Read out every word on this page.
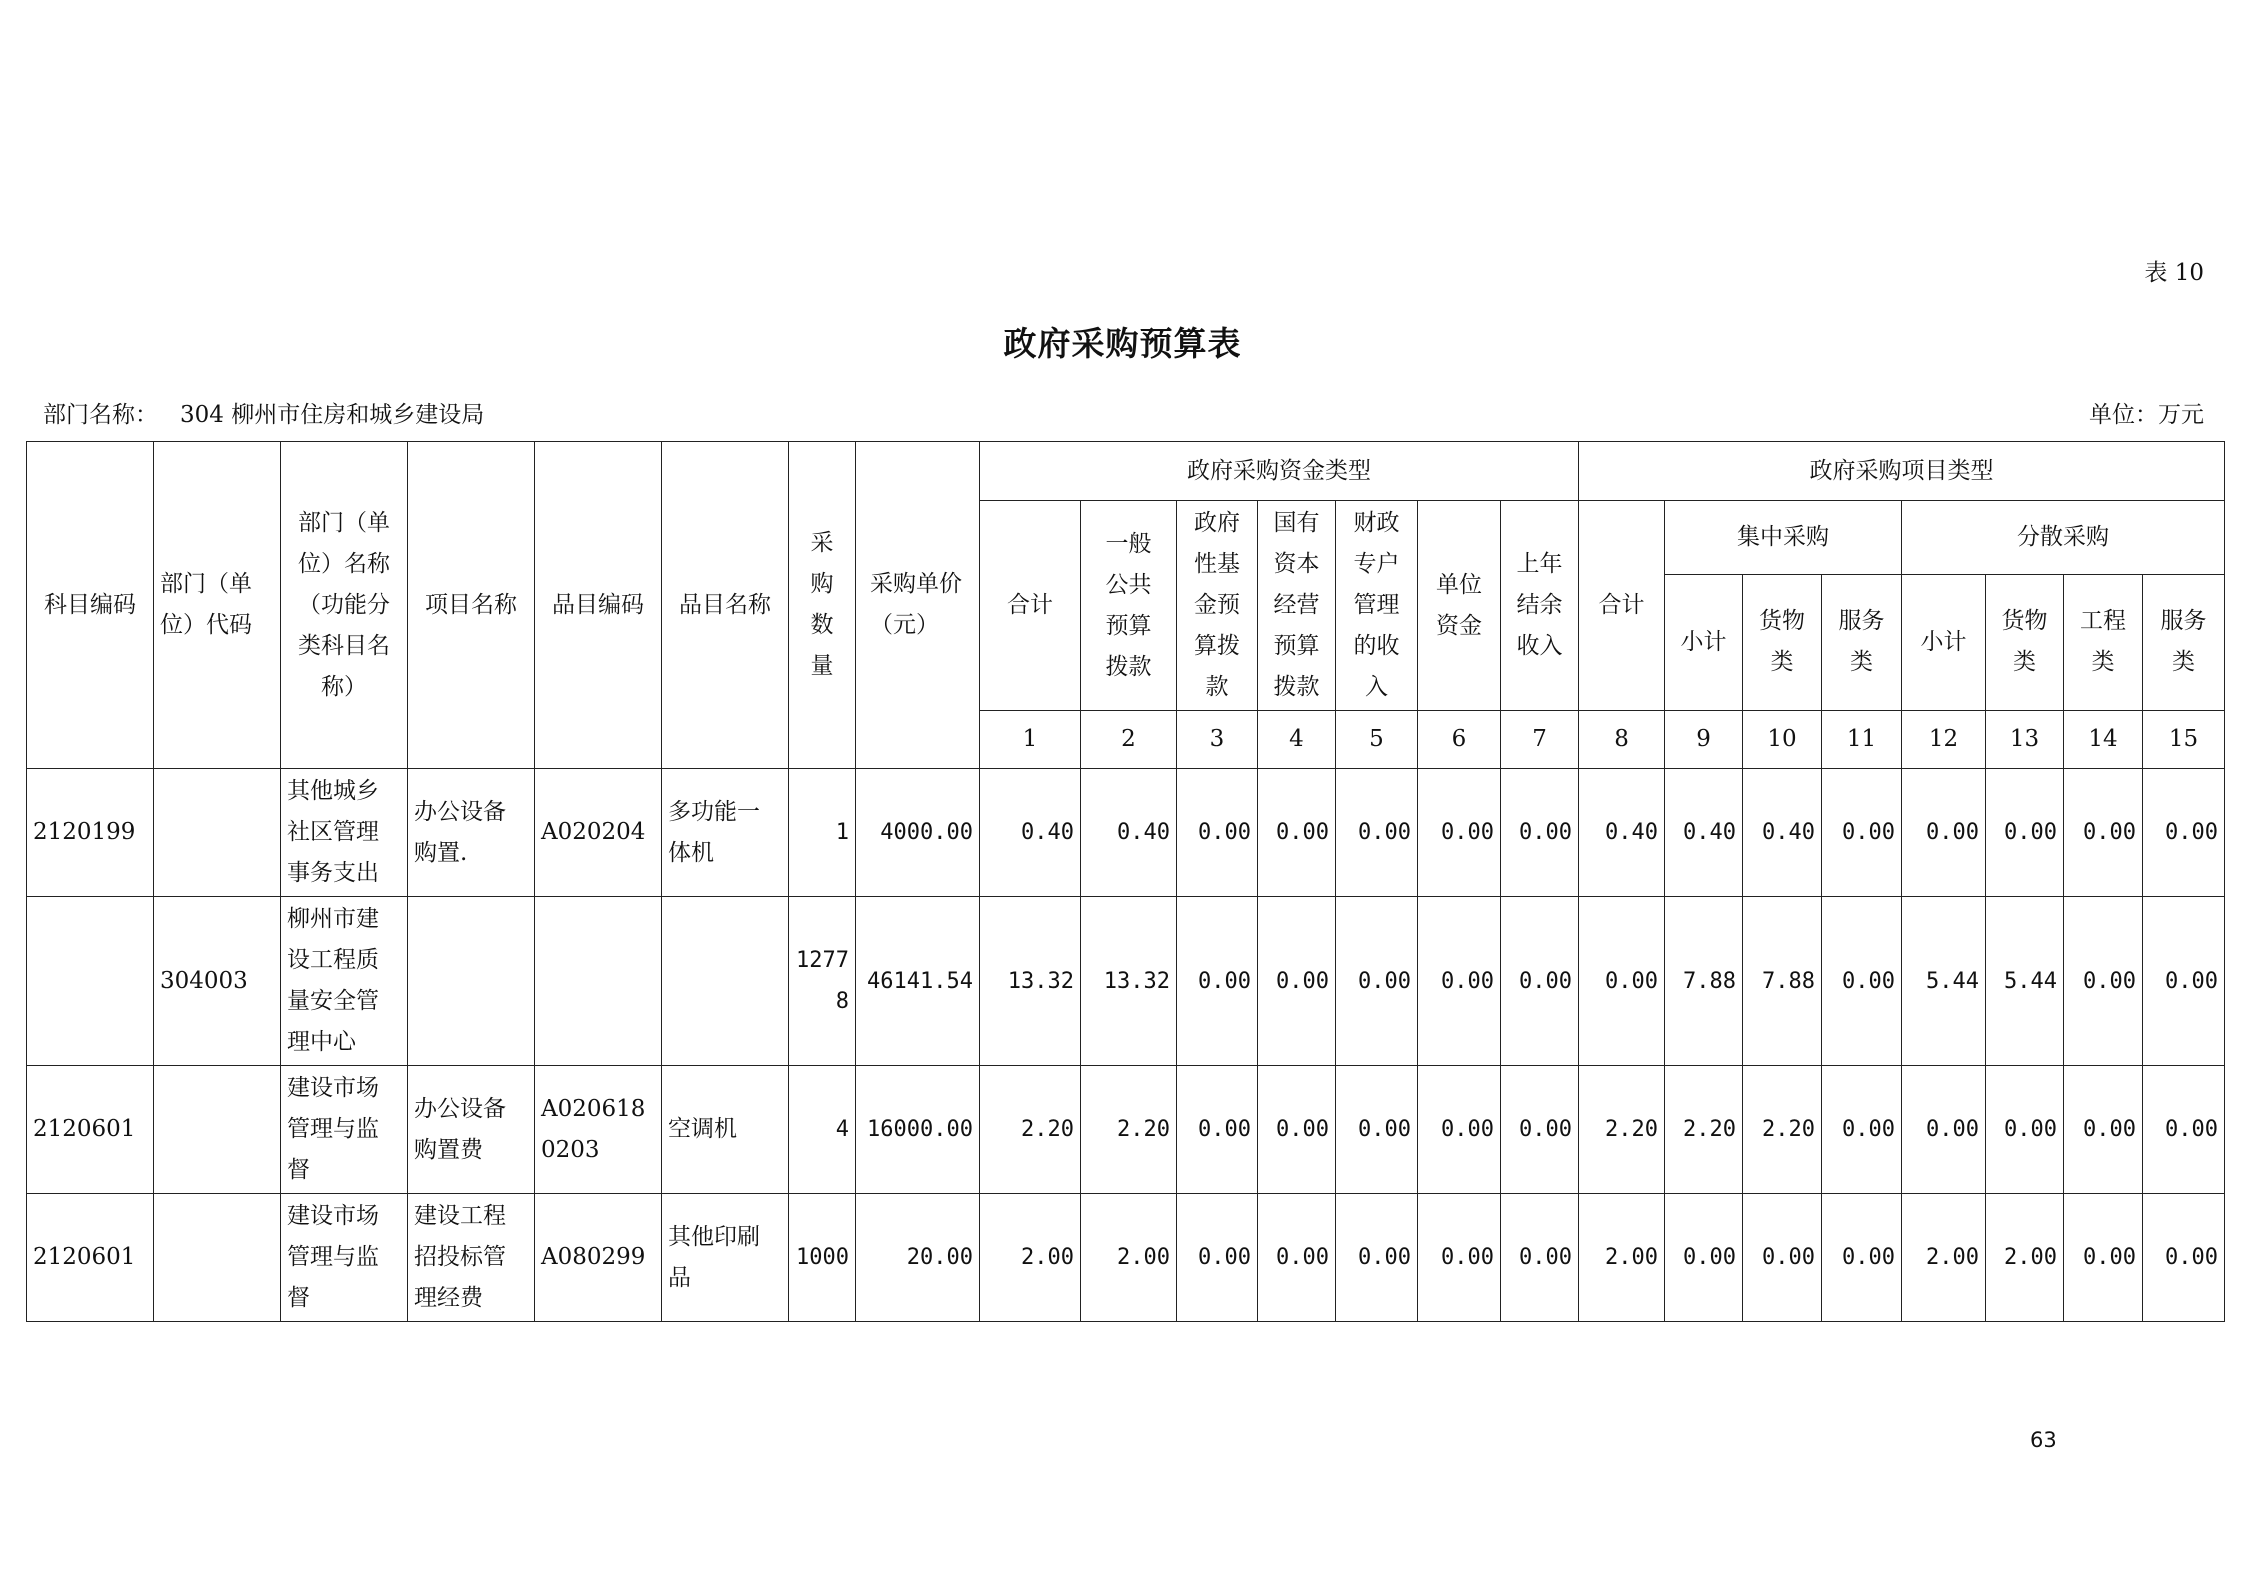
表 10
政府采购预算表
部门名称： 304 柳州市住房和城乡建设局	单位：万元
科目编码	部门（单位）代码	部门（单位）名称（功能分类科目名称）	项目名称	品目编码	品目名称	采购数量	采购单价（元）	政府采购资金类型							政府采购项目类型							
								合计	一般公共预算拨款	政府性基金预算拨款	国有资本经营预算拨款	财政专户管理的收入	单位资金	上年结余收入	合计	集中采购			分散采购			
																小计	货物类	服务类	小计	货物类	工程类	服务类
								1	2	3	4	5	6	7	8	9	10	11	12	13	14	15
2120199		其他城乡社区管理事务支出	办公设备购置.	A020204	多功能一体机	1	4000.00	0.40	0.40	0.00	0.00	0.00	0.00	0.00	0.40	0.40	0.40	0.00	0.00	0.00	0.00	0.00
	304003	柳州市建设工程质量安全管理中心				12778	46141.54	13.32	13.32	0.00	0.00	0.00	0.00	0.00	0.00	7.88	7.88	0.00	5.44	5.44	0.00	0.00
2120601		建设市场管理与监督	办公设备购置费	A0206180203	空调机	4	16000.00	2.20	2.20	0.00	0.00	0.00	0.00	0.00	2.20	2.20	2.20	0.00	0.00	0.00	0.00	0.00
2120601		建设市场管理与监督	建设工程招投标管理经费	A080299	其他印刷品	1000	20.00	2.00	2.00	0.00	0.00	0.00	0.00	0.00	2.00	0.00	0.00	0.00	2.00	2.00	0.00	0.00
63
